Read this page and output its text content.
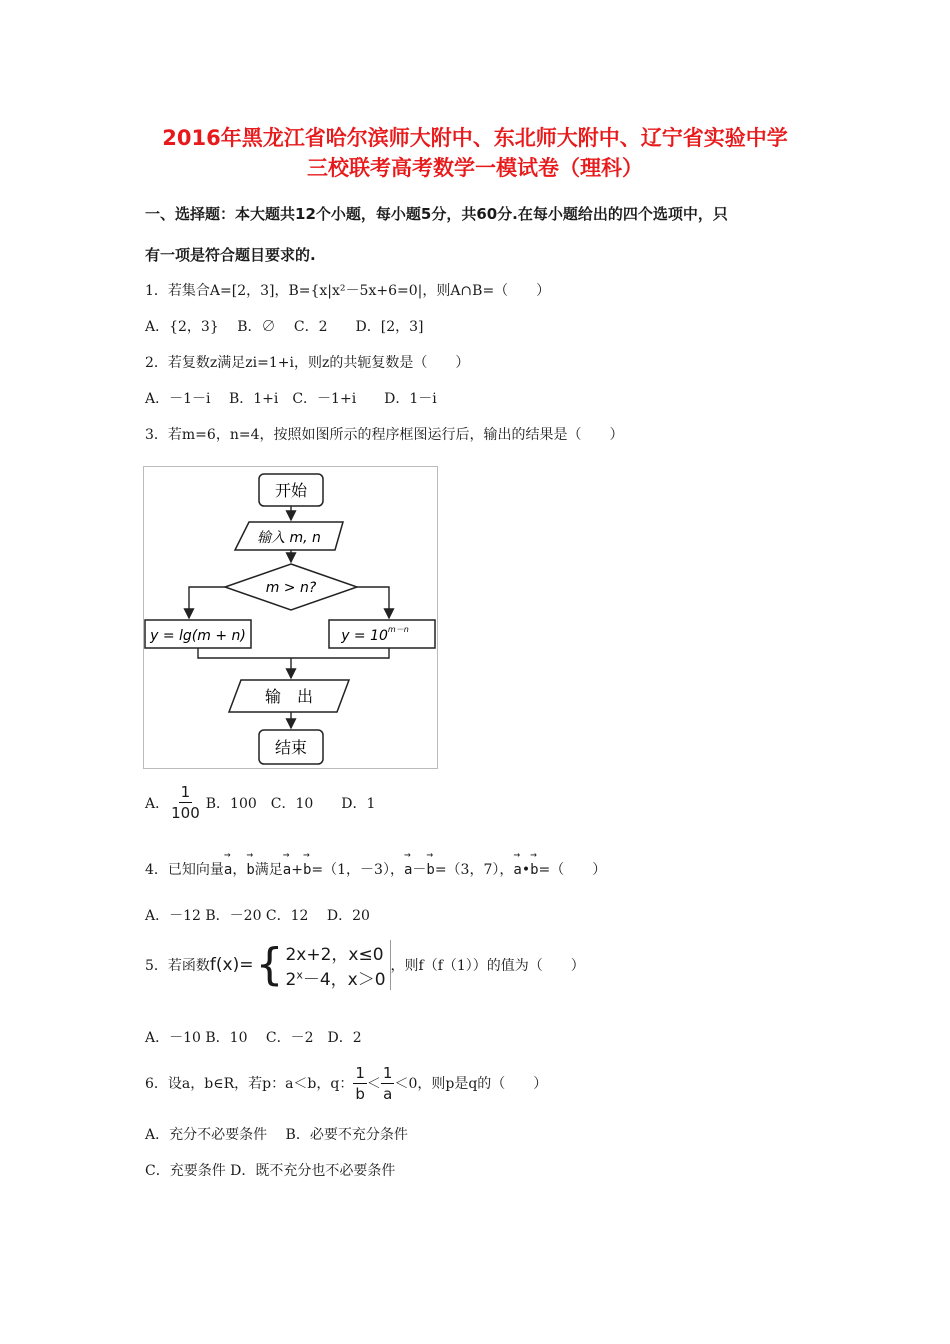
2016年黑龙江省哈尔滨师大附中、东北师大附中、辽宁省实验中学
三校联考高考数学一模试卷（理科）
一、选择题：本大题共12个小题，每小题5分，共60分.在每小题给出的四个选项中，只
有一项是符合题目要求的.
1．若集合A=[2，3]，B={x|x²－5x+6=0|，则A∩B=（　　）
A．{2，3}　 B．∅　 C．2　　D．[2，3]
2．若复数z满足zi=1+i，则z的共轭复数是（　　）
A．－1－i　 B．1+i　C．－1+i　　D．1－i
3．若m=6，n=4，按照如图所示的程序框图运行后，输出的结果是（　　）
开始
输入 m, n
m > n?
y = lg(m + n)	$y = 10^{m-n}$
输　出
结束
A． $\frac{1}{100}$ B．100　C．10　　D．1
4．已知向量→ a，→ b满足→ a+→ b=（1，－3），→ a－→ b=（3，7），→ a•→ b=（　　）
A．－12 B．－20 C．12　 D．20
5．若函数 f(x)= { 2x+2，x≤0
$2^x-4$，x＞0
，则f（f（1））的值为（　　）
A．－10 B．10　 C．－2　D．2
6．设a，b∈R，若p：a＜b，q： $\frac{1}{b} < \frac{1}{a} <0$，则p是q的（　　）
A．充分不必要条件　 B．必要不充分条件
C．充要条件 D．既不充分也不必要条件
